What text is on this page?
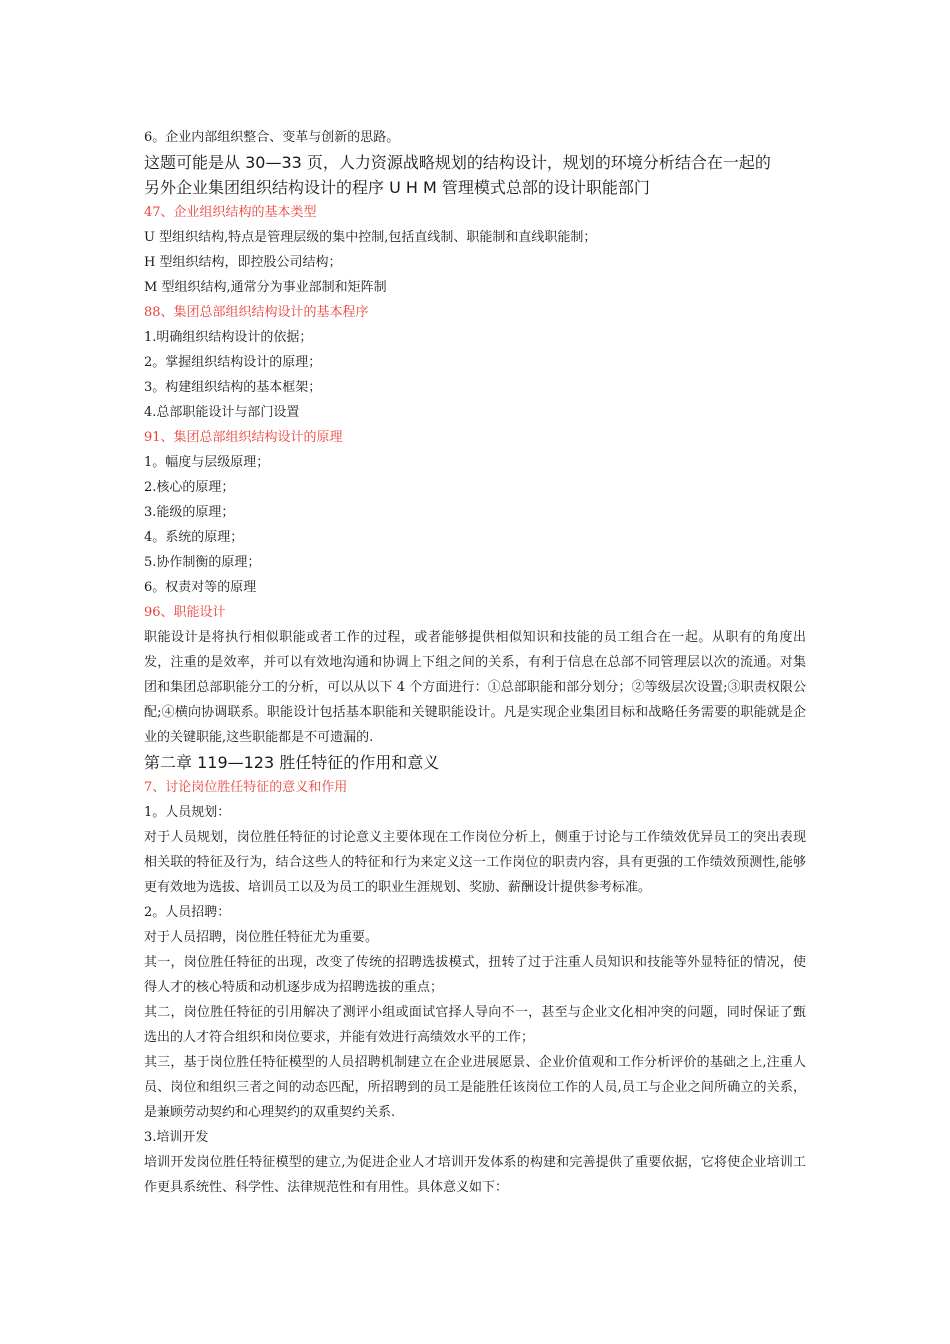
6。企业内部组织整合、变革与创新的思路。
这题可能是从 30—33 页，人力资源战略规划的结构设计，规划的环境分析结合在一起的
另外企业集团组织结构设计的程序 U H M 管理模式总部的设计职能部门
47、企业组织结构的基本类型
U 型组织结构,特点是管理层级的集中控制,包括直线制、职能制和直线职能制；
H 型组织结构，即控股公司结构；
M 型组织结构,通常分为事业部制和矩阵制
88、集团总部组织结构设计的基本程序
1.明确组织结构设计的依据；
2。掌握组织结构设计的原理；
3。构建组织结构的基本框架；
4.总部职能设计与部门设置
91、集团总部组织结构设计的原理
1。幅度与层级原理；
2.核心的原理；
3.能级的原理；
4。系统的原理；
5.协作制衡的原理；
6。权责对等的原理
96、职能设计
职能设计是将执行相似职能或者工作的过程，或者能够提供相似知识和技能的员工组合在一起。从职有的角度出发，注重的是效率，并可以有效地沟通和协调上下组之间的关系，有利于信息在总部不同管理层以次的流通。对集团和集团总部职能分工的分析，可以从以下 4 个方面进行：①总部职能和部分划分；②等级层次设置;③职责权限公配;④横向协调联系。职能设计包括基本职能和关键职能设计。凡是实现企业集团目标和战略任务需要的职能就是企业的关键职能,这些职能都是不可遗漏的.
第二章 119—123 胜任特征的作用和意义
7、讨论岗位胜任特征的意义和作用
1。人员规划：
对于人员规划，岗位胜任特征的讨论意义主要体现在工作岗位分析上，侧重于讨论与工作绩效优异员工的突出表现相关联的特征及行为，结合这些人的特征和行为来定义这一工作岗位的职责内容，具有更强的工作绩效预测性,能够更有效地为选拔、培训员工以及为员工的职业生涯规划、奖励、薪酬设计提供参考标准。
2。人员招聘：
对于人员招聘，岗位胜任特征尤为重要。
其一，岗位胜任特征的出现，改变了传统的招聘选拔模式，扭转了过于注重人员知识和技能等外显特征的情况，使得人才的核心特质和动机逐步成为招聘选拔的重点；
其二，岗位胜任特征的引用解决了测评小组或面试官择人导向不一，甚至与企业文化相冲突的问题，同时保证了甄选出的人才符合组织和岗位要求，并能有效进行高绩效水平的工作；
其三，基于岗位胜任特征模型的人员招聘机制建立在企业进展愿景、企业价值观和工作分析评价的基础之上,注重人员、岗位和组织三者之间的动态匹配，所招聘到的员工是能胜任该岗位工作的人员,员工与企业之间所确立的关系，是兼顾劳动契约和心理契约的双重契约关系.
3.培训开发
培训开发岗位胜任特征模型的建立,为促进企业人才培训开发体系的构建和完善提供了重要依据，它将使企业培训工作更具系统性、科学性、法律规范性和有用性。具体意义如下：
